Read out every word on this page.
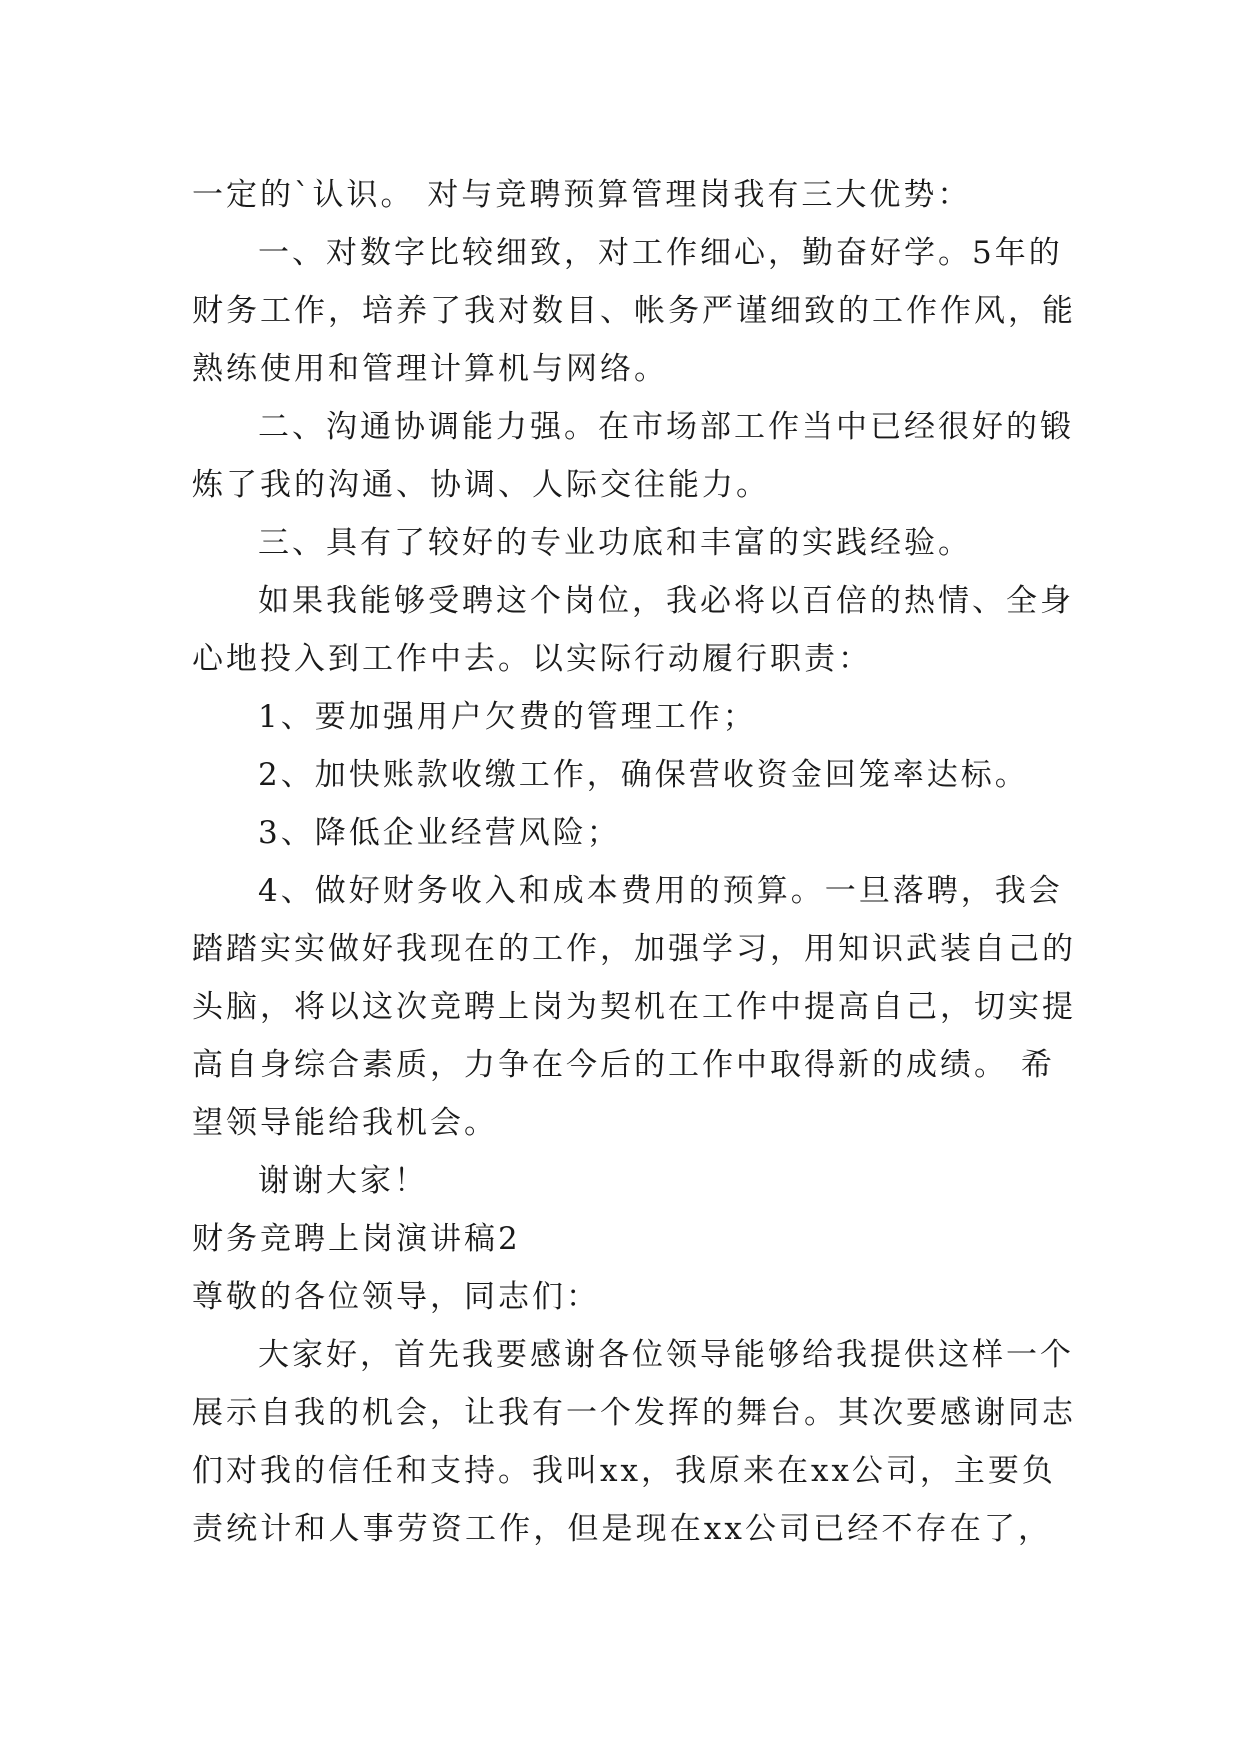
一定的`认识。 对与竞聘预算管理岗我有三大优势：

一、对数字比较细致，对工作细心，勤奋好学。5年的

财务工作，培养了我对数目、帐务严谨细致的工作作风，能

熟练使用和管理计算机与网络。

二、沟通协调能力强。在市场部工作当中已经很好的锻

炼了我的沟通、协调、人际交往能力。

三、具有了较好的专业功底和丰富的实践经验。

如果我能够受聘这个岗位，我必将以百倍的热情、全身

心地投入到工作中去。以实际行动履行职责：

1、要加强用户欠费的管理工作；

2、加快账款收缴工作，确保营收资金回笼率达标。

3、降低企业经营风险；

4、做好财务收入和成本费用的预算。一旦落聘，我会

踏踏实实做好我现在的工作，加强学习，用知识武装自己的

头脑，将以这次竞聘上岗为契机在工作中提高自己，切实提

高自身综合素质，力争在今后的工作中取得新的成绩。 希

望领导能给我机会。

谢谢大家！

财务竞聘上岗演讲稿2

尊敬的各位领导，同志们：

大家好，首先我要感谢各位领导能够给我提供这样一个

展示自我的机会，让我有一个发挥的舞台。其次要感谢同志

们对我的信任和支持。我叫xx，我原来在xx公司，主要负

责统计和人事劳资工作，但是现在xx公司已经不存在了，
